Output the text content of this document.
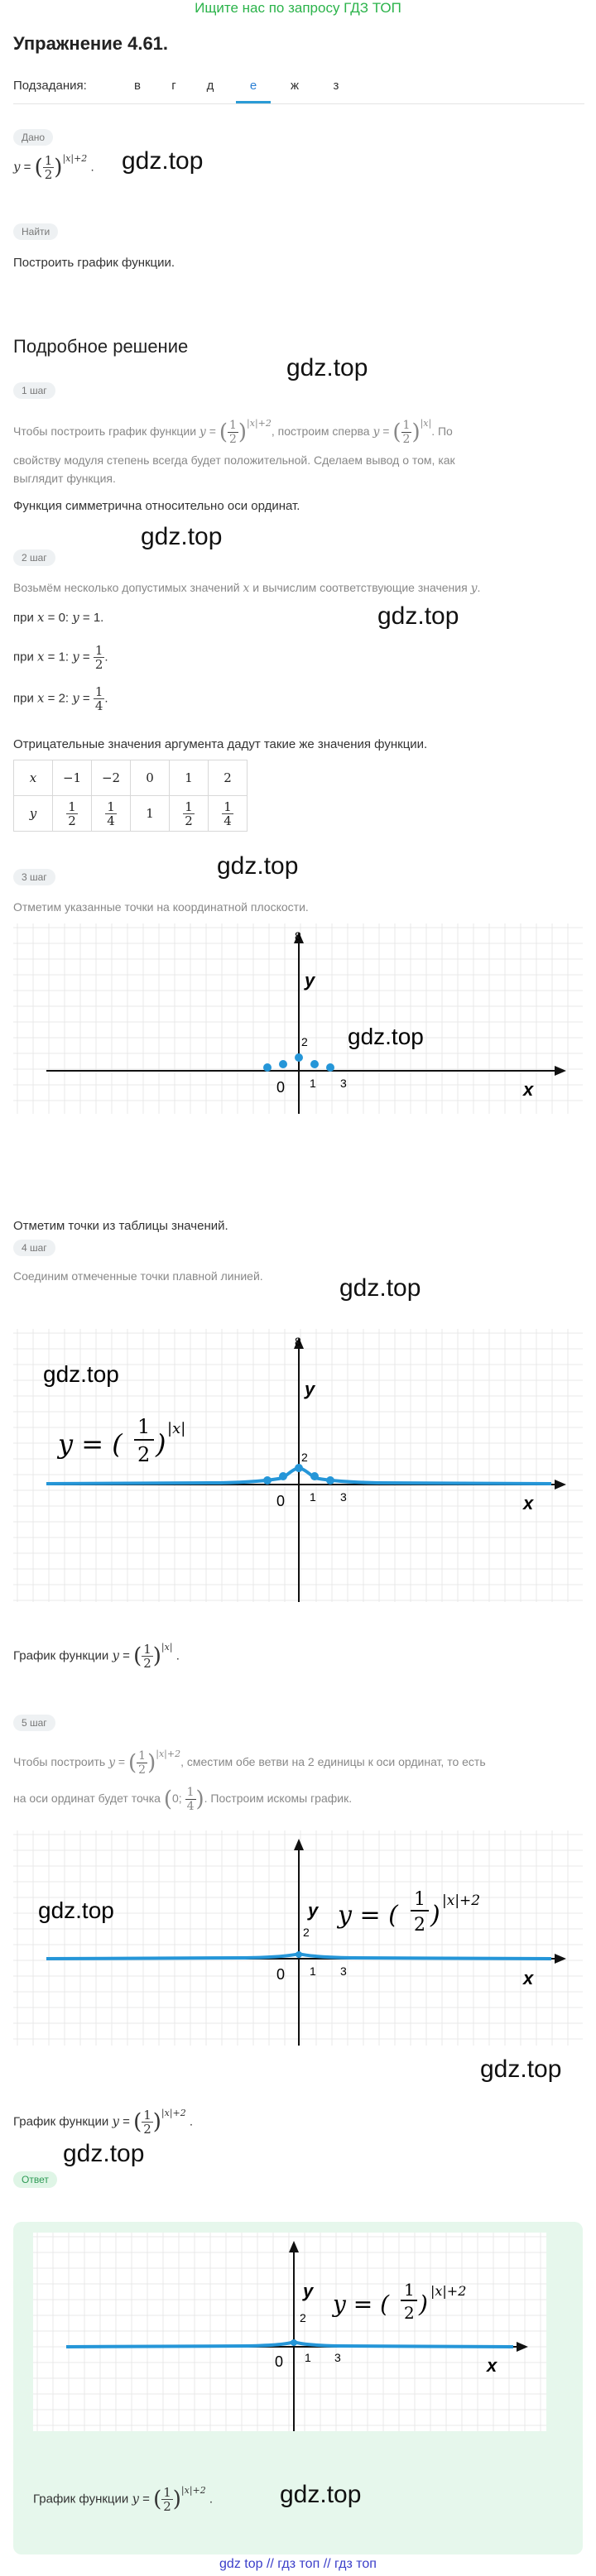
Ищите нас по запросу ГДЗ ТОП
Упражнение 4.61.
Подзадания:	в	г	д	е	ж	з
Дано
y = ( $\frac{1}{2} )^{|x|+2}$ . gdz.top
Найти
Построить график функции.
Подробное решение
gdz.top
1 шаг
Чтобы построить график функции y = ( $\frac{1}{2} )^{|x|+2}$, построим сперва y = ( $\frac{1}{2} )^{|x|}$. По
свойству модуля степень всегда будет положительной. Сделаем вывод о том, как
выглядит функция.
Функция симметрична относительно оси ординат.
gdz.top
2 шаг
Возьмём несколько допустимых значений x и вычислим соответствующие значения y.
gdz.top
при x = 0: y = 1.
при x = 1: $y = \frac{1}{2}$ .
при x = 2: $y = \frac{1}{4}$ .
Отрицательные значения аргумента дадут такие же значения функции.
x	−1	−2	0	1	2
y	$\frac{1}{2}$	$\frac{1}{4}$	1	$\frac{1}{2}$	$\frac{1}{4}$
gdz.top
3 шаг
Отметим указанные точки на координатной плоскости.
8
y
2
0 1 3	x
gdz.top
Отметим точки из таблицы значений.
gdz.top
4 шаг
Соединим отмеченные точки плавной линией.
8
y
2
0 1 3	x
gdz.top
y = (
1
2 ) |x|
График функции y = ( $\frac{1}{2} )^{|x|}$ .
5 шаг
Чтобы построить y = ( $\frac{1}{2} )^{|x|+2}$, сместим обе ветви на 2 единицы к оси ординат, то есть
на оси ординат будет точка (0; $\frac{1}{4}$ ). Построим искомы график.
y
2
0 1 3	x
gdz.top	y = (
1
2 ) |x|+2
gdz.top
График функции y = ( $\frac{1}{2} )^{|x|+2}$ .
gdz.top
Ответ
y
2
0 1 3	x
y = (
1
2 ) |x|+2
График функции y = ( $\frac{1}{2} )^{|x|+2}$ .	gdz.top
gdz top // гдз топ // гдз топ
